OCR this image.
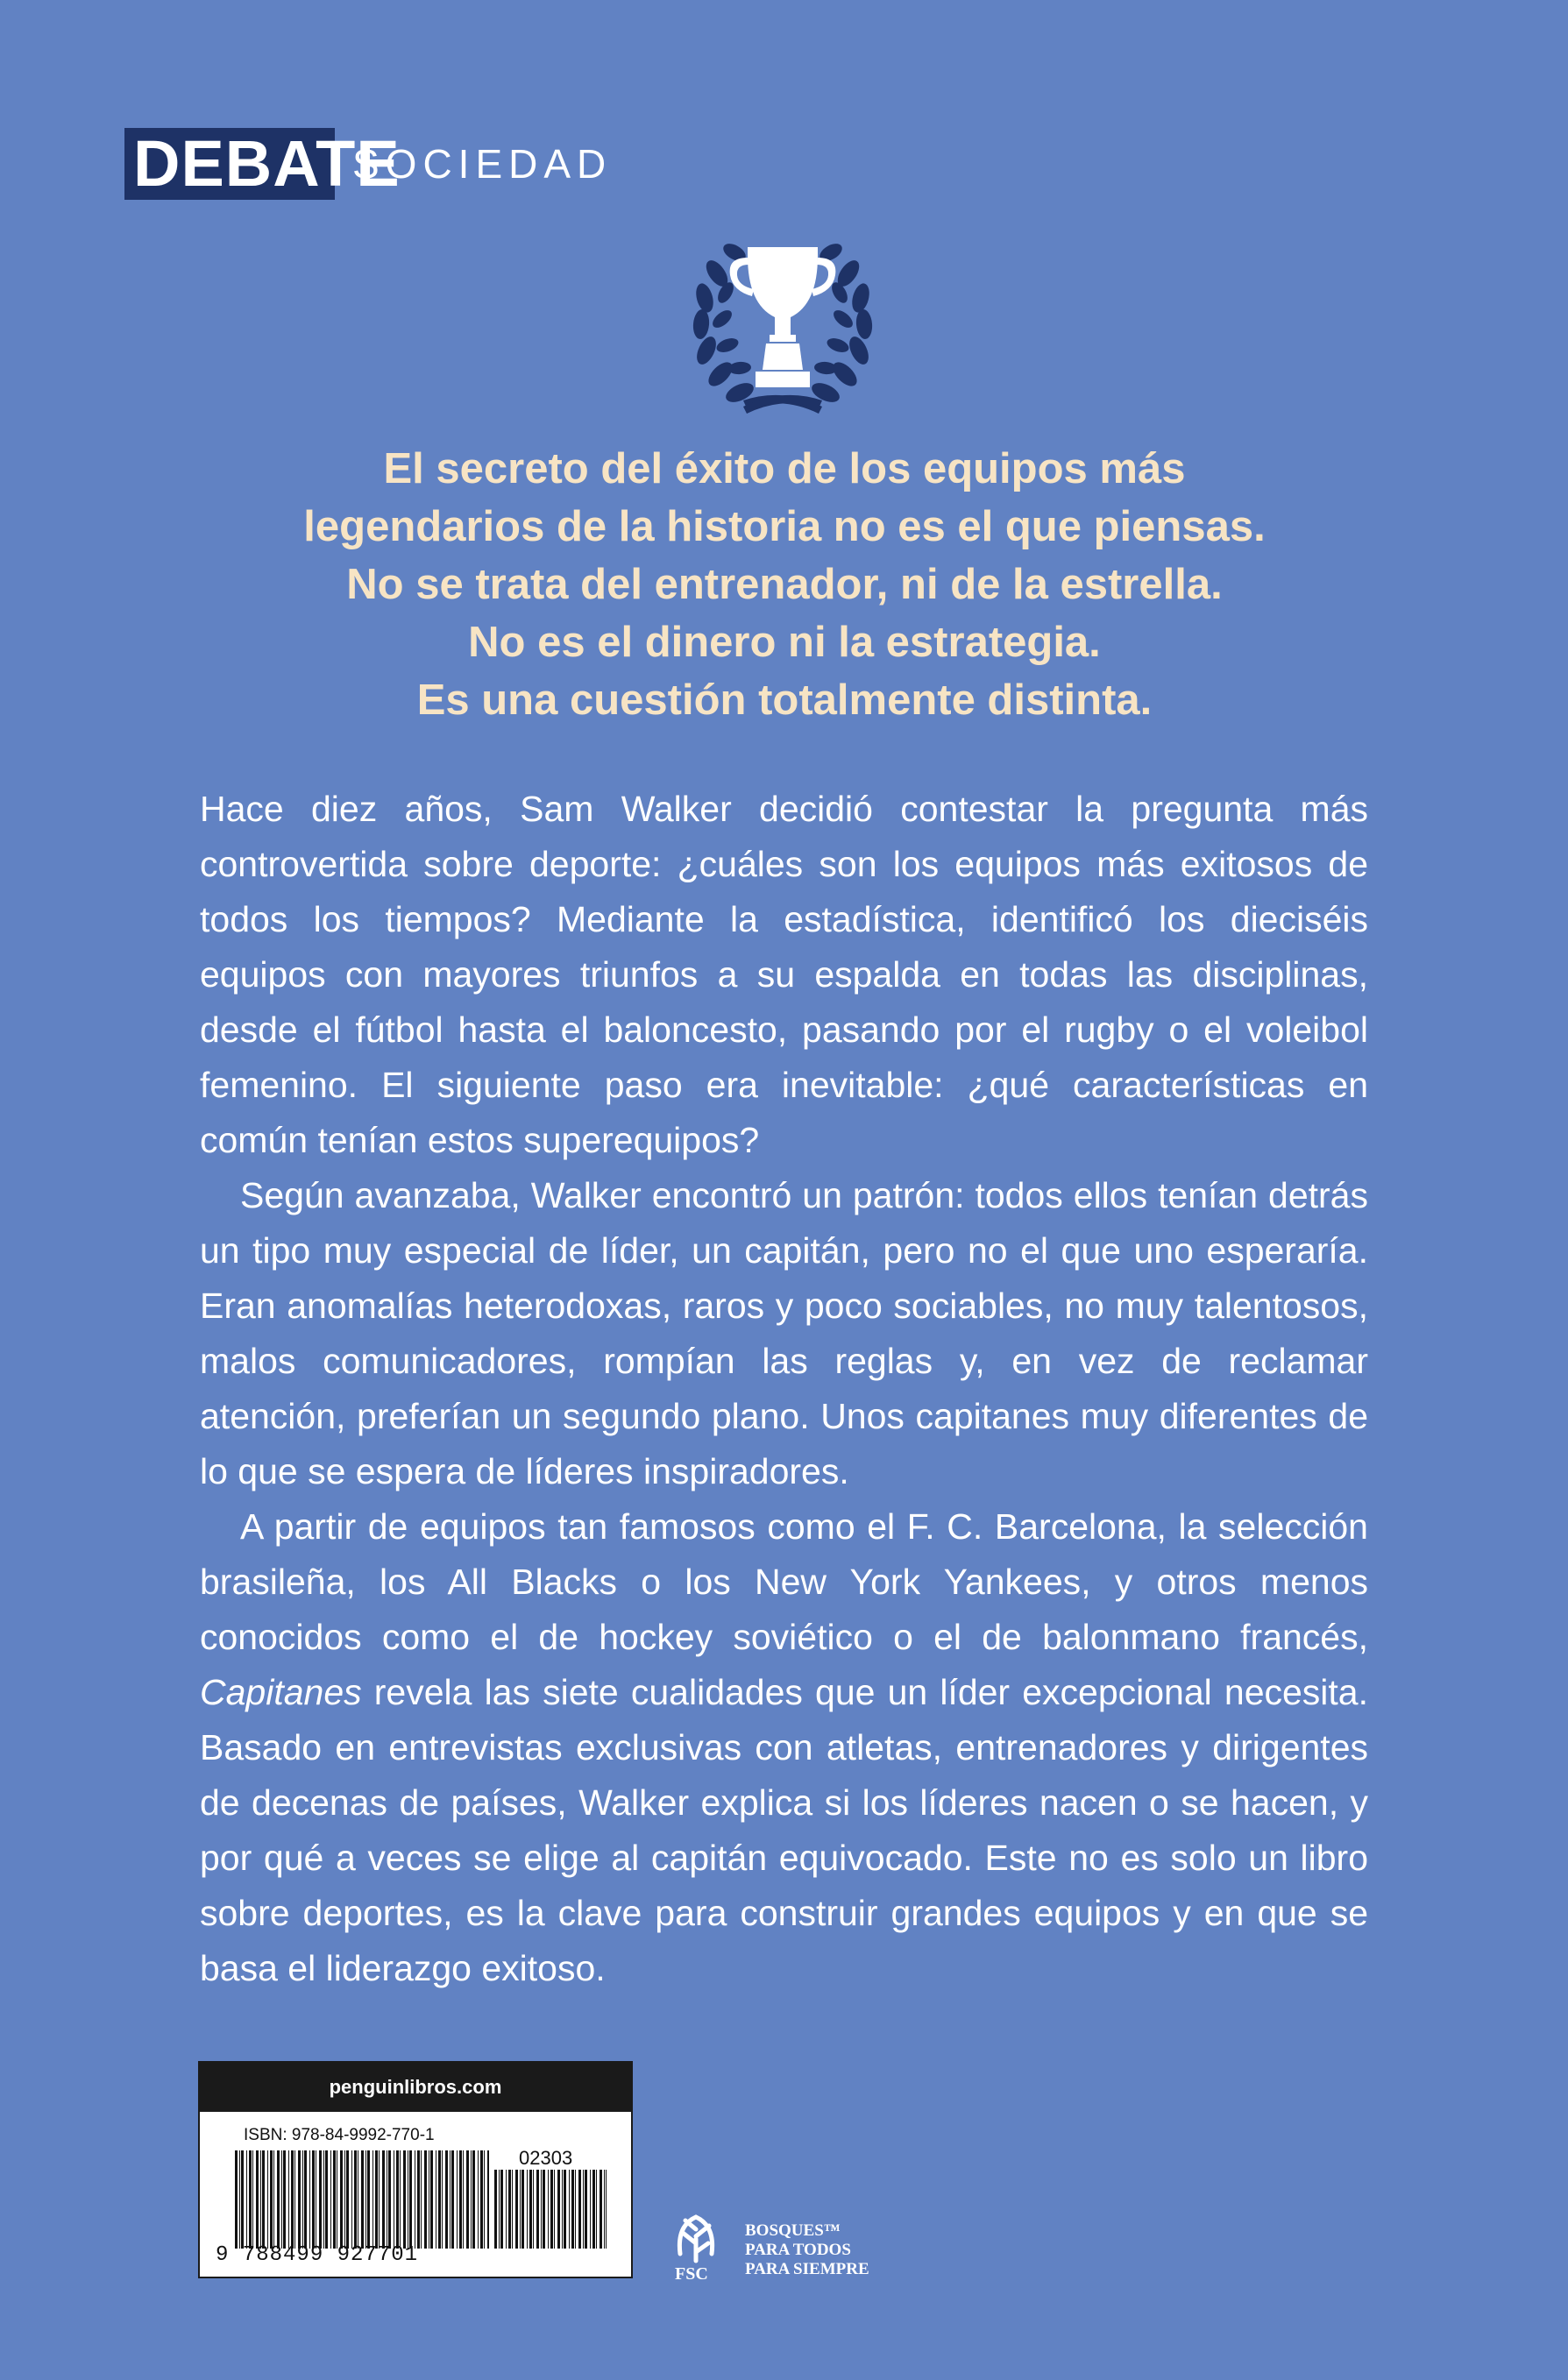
DEBATE
SOCIEDAD
El secreto del éxito de los equipos más
legendarios de la historia no es el que piensas.
No se trata del entrenador, ni de la estrella.
No es el dinero ni la estrategia.
Es una cuestión totalmente distinta.

Hace diez años, Sam Walker decidió contestar la pregunta más controvertida sobre deporte: ¿cuáles son los equipos más exitosos de todos los tiempos? Mediante la estadística, identificó los dieciséis equipos con mayores triunfos a su espalda en todas las disciplinas, desde el fútbol hasta el baloncesto, pasando por el rugby o el voleibol femenino. El siguiente paso era inevitable: ¿qué características en común tenían estos superequipos?

Según avanzaba, Walker encontró un patrón: todos ellos tenían detrás un tipo muy especial de líder, un capitán, pero no el que uno esperaría. Eran anomalías heterodoxas, raros y poco sociables, no muy talentosos, malos comunicadores, rompían las reglas y, en vez de reclamar atención, preferían un segundo plano. Unos capitanes muy diferentes de lo que se espera de líderes inspiradores.

A partir de equipos tan famosos como el F. C. Barcelona, la selección brasileña, los All Blacks o los New York Yankees, y otros menos conocidos como el de hockey soviético o el de balonmano francés, Capitanes revela las siete cualidades que un líder excepcional necesita. Basado en entrevistas exclusivas con atletas, entrenadores y dirigentes de decenas de países, Walker explica si los líderes nacen o se hacen, y por qué a veces se elige al capitán equivocado. Este no es solo un libro sobre deportes, es la clave para construir grandes equipos y en que se basa el liderazgo exitoso.

penguinlibros.com
ISBN: 978-84-9992-770-1
02303
9 788499 927701
FSC
BOSQUES™
PARA TODOS
PARA SIEMPRE
